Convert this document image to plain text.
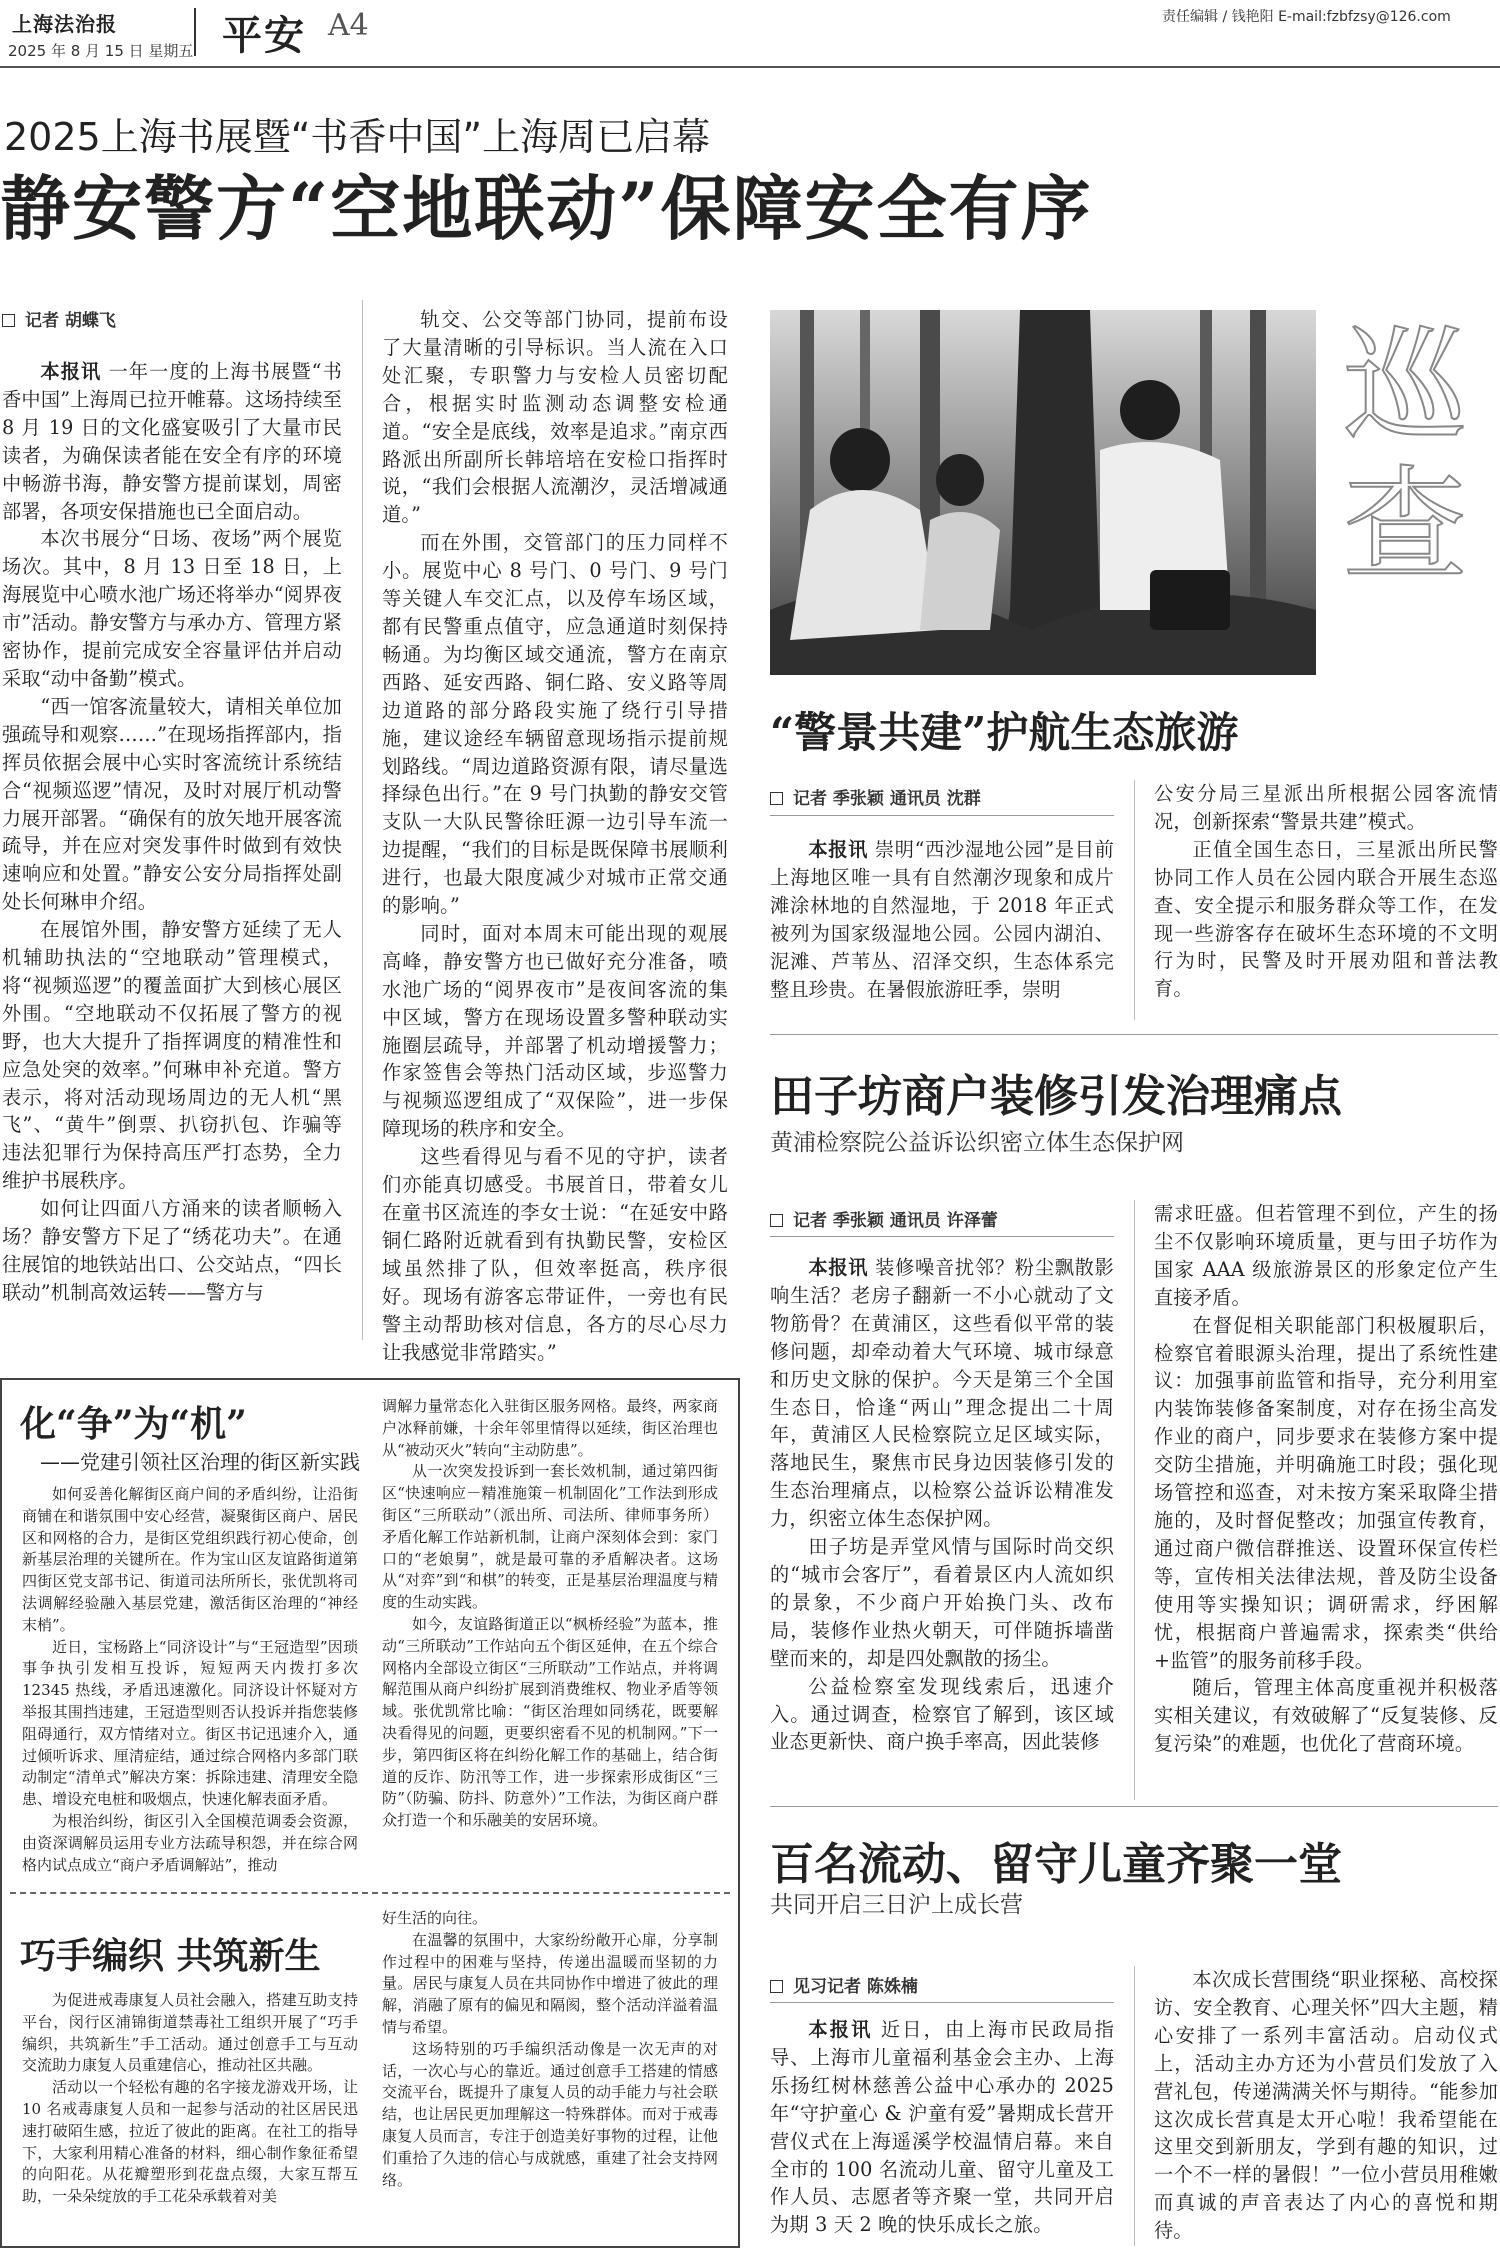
上海法治报
2025 年 8 月 15 日 星期五 平安 A4	责任编辑 / 钱艳阳 E-mail:fzbfzsy@126.com
2025上海书展暨“书香中国”上海周已启幕
静安警方“空地联动”保障安全有序
记者 胡蝶飞

本报讯 一年一度的上海书展暨“书香中国”上海周已拉开帷幕。这场持续至 8 月 19 日的文化盛宴吸引了大量市民读者，为确保读者能在安全有序的环境中畅游书海，静安警方提前谋划，周密部署，各项安保措施也已全面启动。

本次书展分“日场、夜场”两个展览场次。其中，8 月 13 日至 18 日，上海展览中心喷水池广场还将举办“阅界夜市”活动。静安警方与承办方、管理方紧密协作，提前完成安全容量评估并启动采取“动中备勤”模式。

“西一馆客流量较大，请相关单位加强疏导和观察……”在现场指挥部内，指挥员依据会展中心实时客流统计系统结合“视频巡逻”情况，及时对展厅机动警力展开部署。“确保有的放矢地开展客流疏导，并在应对突发事件时做到有效快速响应和处置。”静安公安分局指挥处副处长何琳申介绍。

在展馆外围，静安警方延续了无人机辅助执法的“空地联动”管理模式，将“视频巡逻”的覆盖面扩大到核心展区外围。“空地联动不仅拓展了警方的视野，也大大提升了指挥调度的精准性和应急处突的效率。”何琳申补充道。警方表示，将对活动现场周边的无人机“黑飞”、“黄牛”倒票、扒窃扒包、诈骗等违法犯罪行为保持高压严打态势，全力维护书展秩序。

如何让四面八方涌来的读者顺畅入场？静安警方下足了“绣花功夫”。在通往展馆的地铁站出口、公交站点，“四长联动”机制高效运转——警方与

轨交、公交等部门协同，提前布设了大量清晰的引导标识。当人流在入口处汇聚，专职警力与安检人员密切配合，根据实时监测动态调整安检通道。“安全是底线，效率是追求。”南京西路派出所副所长韩培培在安检口指挥时说，“我们会根据人流潮汐，灵活增减通道。”

而在外围，交管部门的压力同样不小。展览中心 8 号门、0 号门、9 号门等关键人车交汇点，以及停车场区域，都有民警重点值守，应急通道时刻保持畅通。为均衡区域交通流，警方在南京西路、延安西路、铜仁路、安义路等周边道路的部分路段实施了绕行引导措施，建议途经车辆留意现场指示提前规划路线。“周边道路资源有限，请尽量选择绿色出行。”在 9 号门执勤的静安交管支队一大队民警徐旺源一边引导车流一边提醒，“我们的目标是既保障书展顺利进行，也最大限度减少对城市正常交通的影响。”

同时，面对本周末可能出现的观展高峰，静安警方也已做好充分准备，喷水池广场的“阅界夜市”是夜间客流的集中区域，警方在现场设置多警种联动实施圈层疏导，并部署了机动增援警力；作家签售会等热门活动区域，步巡警力与视频巡逻组成了“双保险”，进一步保障现场的秩序和安全。

这些看得见与看不见的守护，读者们亦能真切感受。书展首日，带着女儿在童书区流连的李女士说：“在延安中路铜仁路附近就看到有执勤民警，安检区域虽然排了队，但效率挺高，秩序很好。现场有游客忘带证件，一旁也有民警主动帮助核对信息，各方的尽心尽力让我感觉非常踏实。”

巡查
“警景共建”护航生态旅游
记者 季张颖 通讯员 沈群

本报讯 崇明“西沙湿地公园”是目前上海地区唯一具有自然潮汐现象和成片滩涂林地的自然湿地，于 2018 年正式被列为国家级湿地公园。公园内湖泊、泥滩、芦苇丛、沼泽交织，生态体系完整且珍贵。在暑假旅游旺季，崇明

公安分局三星派出所根据公园客流情况，创新探索“警景共建”模式。

正值全国生态日，三星派出所民警协同工作人员在公园内联合开展生态巡查、安全提示和服务群众等工作，在发现一些游客存在破坏生态环境的不文明行为时，民警及时开展劝阻和普法教育。

田子坊商户装修引发治理痛点
黄浦检察院公益诉讼织密立体生态保护网
记者 季张颖 通讯员 许泽蕾

本报讯 装修噪音扰邻？粉尘飘散影响生活？老房子翻新一不小心就动了文物筋骨？在黄浦区，这些看似平常的装修问题，却牵动着大气环境、城市绿意和历史文脉的保护。今天是第三个全国生态日，恰逢“两山”理念提出二十周年，黄浦区人民检察院立足区域实际，落地民生，聚焦市民身边因装修引发的生态治理痛点，以检察公益诉讼精准发力，织密立体生态保护网。

田子坊是弄堂风情与国际时尚交织的“城市会客厅”，看着景区内人流如织的景象，不少商户开始换门头、改布局，装修作业热火朝天，可伴随拆墙凿壁而来的，却是四处飘散的扬尘。

公益检察室发现线索后，迅速介入。通过调查，检察官了解到，该区域业态更新快、商户换手率高，因此装修

需求旺盛。但若管理不到位，产生的扬尘不仅影响环境质量，更与田子坊作为国家 AAA 级旅游景区的形象定位产生直接矛盾。

在督促相关职能部门积极履职后，检察官着眼源头治理，提出了系统性建议：加强事前监管和指导，充分利用室内装饰装修备案制度，对存在扬尘高发作业的商户，同步要求在装修方案中提交防尘措施，并明确施工时段；强化现场管控和巡查，对未按方案采取降尘措施的，及时督促整改；加强宣传教育，通过商户微信群推送、设置环保宣传栏等，宣传相关法律法规，普及防尘设备使用等实操知识；调研需求，纾困解忧，根据商户普遍需求，探索类“供给+监管”的服务前移手段。

随后，管理主体高度重视并积极落实相关建议，有效破解了“反复装修、反复污染”的难题，也优化了营商环境。

百名流动、留守儿童齐聚一堂
共同开启三日沪上成长营
见习记者 陈姝楠

本报讯 近日，由上海市民政局指导、上海市儿童福利基金会主办、上海乐扬红树林慈善公益中心承办的 2025 年“守护童心 & 沪童有爱”暑期成长营开营仪式在上海遥溪学校温情启幕。来自全市的 100 名流动儿童、留守儿童及工作人员、志愿者等齐聚一堂，共同开启为期 3 天 2 晚的快乐成长之旅。

本次成长营围绕“职业探秘、高校探访、安全教育、心理关怀”四大主题，精心安排了一系列丰富活动。启动仪式上，活动主办方还为小营员们发放了入营礼包，传递满满关怀与期待。“能参加这次成长营真是太开心啦！我希望能在这里交到新朋友，学到有趣的知识，过一个不一样的暑假！”一位小营员用稚嫩而真诚的声音表达了内心的喜悦和期待。

化“争”为“机”
——党建引领社区治理的街区新实践

如何妥善化解街区商户间的矛盾纠纷，让沿街商铺在和谐氛围中安心经营，凝聚街区商户、居民区和网格的合力，是街区党组织践行初心使命，创新基层治理的关键所在。作为宝山区友谊路街道第四街区党支部书记、街道司法所所长，张优凯将司法调解经验融入基层党建，激活街区治理的“神经末梢”。

近日，宝杨路上“同济设计”与“王冠造型”因琐事争执引发相互投诉，短短两天内拨打多次 12345 热线，矛盾迅速激化。同济设计怀疑对方举报其围挡违建，王冠造型则否认投诉并指您装修阻碍通行，双方情绪对立。街区书记迅速介入，通过倾听诉求、厘清症结，通过综合网格内多部门联动制定“清单式”解决方案：拆除违建、清理安全隐患、增设充电桩和吸烟点，快速化解表面矛盾。

为根治纠纷，街区引入全国模范调委会资源，由资深调解员运用专业方法疏导积怨，并在综合网格内试点成立“商户矛盾调解站”，推动

调解力量常态化入驻街区服务网格。最终，两家商户冰释前嫌，十余年邻里情得以延续，街区治理也从“被动灭火”转向“主动防患”。

从一次突发投诉到一套长效机制，通过第四街区“快速响应－精准施策－机制固化”工作法到形成街区“三所联动”（派出所、司法所、律师事务所）矛盾化解工作站新机制，让商户深刻体会到：家门口的“老娘舅”，就是最可靠的矛盾解决者。这场从“对弈”到“和棋”的转变，正是基层治理温度与精度的生动实践。

如今，友谊路街道正以“枫桥经验”为蓝本，推动“三所联动”工作站向五个街区延伸，在五个综合网格内全部设立街区“三所联动”工作站点，并将调解范围从商户纠纷扩展到消费维权、物业矛盾等领域。张优凯常比喻：“街区治理如同绣花，既要解决看得见的问题，更要织密看不见的机制网。”下一步，第四街区将在纠纷化解工作的基础上，结合街道的反诈、防汛等工作，进一步探索形成街区“三防”（防骗、防抖、防意外）”工作法，为街区商户群众打造一个和乐融美的安居环境。

巧手编织 共筑新生

为促进戒毒康复人员社会融入，搭建互助支持平台，闵行区浦锦街道禁毒社工组织开展了“巧手编织，共筑新生”手工活动。通过创意手工与互动交流助力康复人员重建信心，推动社区共融。

活动以一个轻松有趣的名字接龙游戏开场，让 10 名戒毒康复人员和一起参与活动的社区居民迅速打破陌生感，拉近了彼此的距离。在社工的指导下，大家利用精心准备的材料，细心制作象征希望的向阳花。从花瓣塑形到花盘点缀，大家互帮互助，一朵朵绽放的手工花朵承载着对美

好生活的向往。

在温馨的氛围中，大家纷纷敞开心扉，分享制作过程中的困难与坚持，传递出温暖而坚韧的力量。居民与康复人员在共同协作中增进了彼此的理解，消融了原有的偏见和隔阂，整个活动洋溢着温情与希望。

这场特别的巧手编织活动像是一次无声的对话，一次心与心的靠近。通过创意手工搭建的情感交流平台，既提升了康复人员的动手能力与社会联结，也让居民更加理解这一特殊群体。而对于戒毒康复人员而言，专注于创造美好事物的过程，让他们重拾了久违的信心与成就感，重建了社会支持网络。
